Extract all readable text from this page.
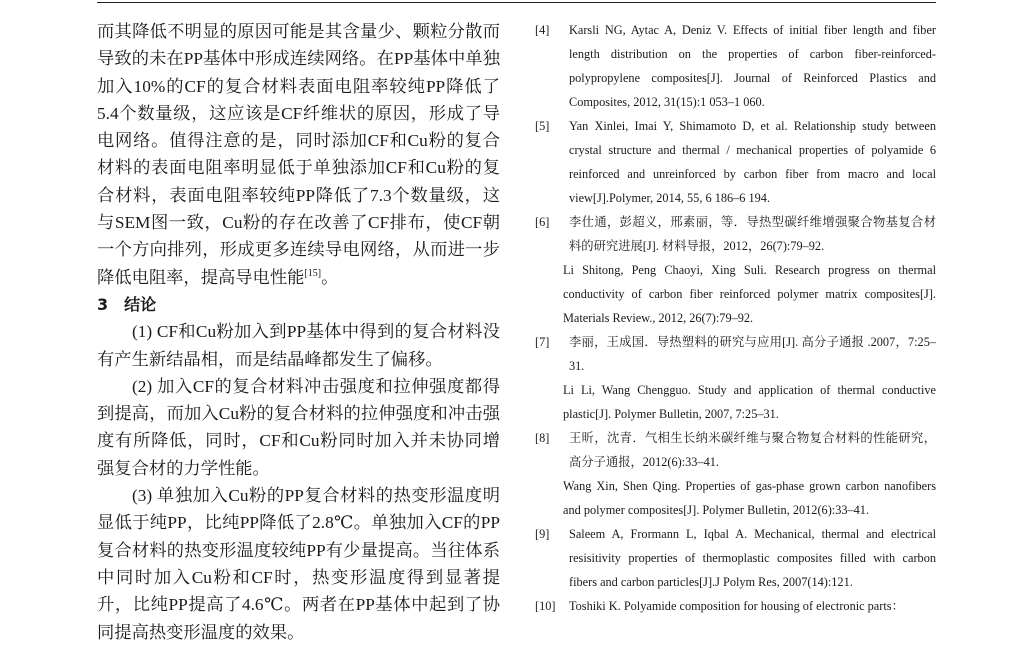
而其降低不明显的原因可能是其含量少、颗粒分散而导致的未在PP基体中形成连续网络。在PP基体中单独加入10%的CF的复合材料表面电阻率较纯PP降低了5.4个数量级，这应该是CF纤维状的原因，形成了导电网络。值得注意的是，同时添加CF和Cu粉的复合材料的表面电阻率明显低于单独添加CF和Cu粉的复合材料，表面电阻率较纯PP降低了7.3个数量级，这与SEM图一致，Cu粉的存在改善了CF排布，使CF朝一个方向排列，形成更多连续导电网络，从而进一步降低电阻率，提高导电性能[15]。

3　结论

(1) CF和Cu粉加入到PP基体中得到的复合材料没有产生新结晶相，而是结晶峰都发生了偏移。

(2) 加入CF的复合材料冲击强度和拉伸强度都得到提高，而加入Cu粉的复合材料的拉伸强度和冲击强度有所降低，同时，CF和Cu粉同时加入并未协同增强复合材的力学性能。

(3) 单独加入Cu粉的PP复合材料的热变形温度明显低于纯PP，比纯PP降低了2.8℃。单独加入CF的PP复合材料的热变形温度较纯PP有少量提高。当往体系中同时加入Cu粉和CF时，热变形温度得到显著提升，比纯PP提高了4.6℃。两者在PP基体中起到了协同提高热变形温度的效果。

[4] Karsli NG, Aytac A, Deniz V. Effects of initial fiber length and fiber length distribution on the properties of carbon fiber-reinforced-polypropylene composites[J]. Journal of Reinforced Plastics and Composites, 2012, 31(15):1 053–1 060.
[5] Yan Xinlei, Imai Y, Shimamoto D, et al. Relationship study between crystal structure and thermal / mechanical properties of polyamide 6 reinforced and unreinforced by carbon fiber from macro and local view[J].Polymer, 2014, 55, 6 186–6 194.
[6] 李仕通，彭超义，邢素丽，等．导热型碳纤维增强聚合物基复合材料的研究进展[J]. 材料导报，2012，26(7):79–92.
Li Shitong, Peng Chaoyi, Xing Suli. Research progress on thermal conductivity of carbon fiber reinforced polymer matrix composites[J]. Materials Review., 2012, 26(7):79–92.
[7] 李丽，王成国．导热塑料的研究与应用[J]. 高分子通报 .2007，7:25–31.
Li Li, Wang Chengguo. Study and application of thermal conductive plastic[J]. Polymer Bulletin, 2007, 7:25–31.
[8] 王昕，沈青．气相生长纳米碳纤维与聚合物复合材料的性能研究，高分子通报，2012(6):33–41.
Wang Xin, Shen Qing. Properties of gas-phase grown carbon nanofibers and polymer composites[J]. Polymer Bulletin, 2012(6):33–41.
[9] Saleem A, Frormann L, Iqbal A. Mechanical, thermal and electrical resisitivity properties of thermoplastic composites filled with carbon fibers and carbon particles[J].J Polym Res, 2007(14):121.
[10] Toshiki K. Polyamide composition for housing of electronic parts：
